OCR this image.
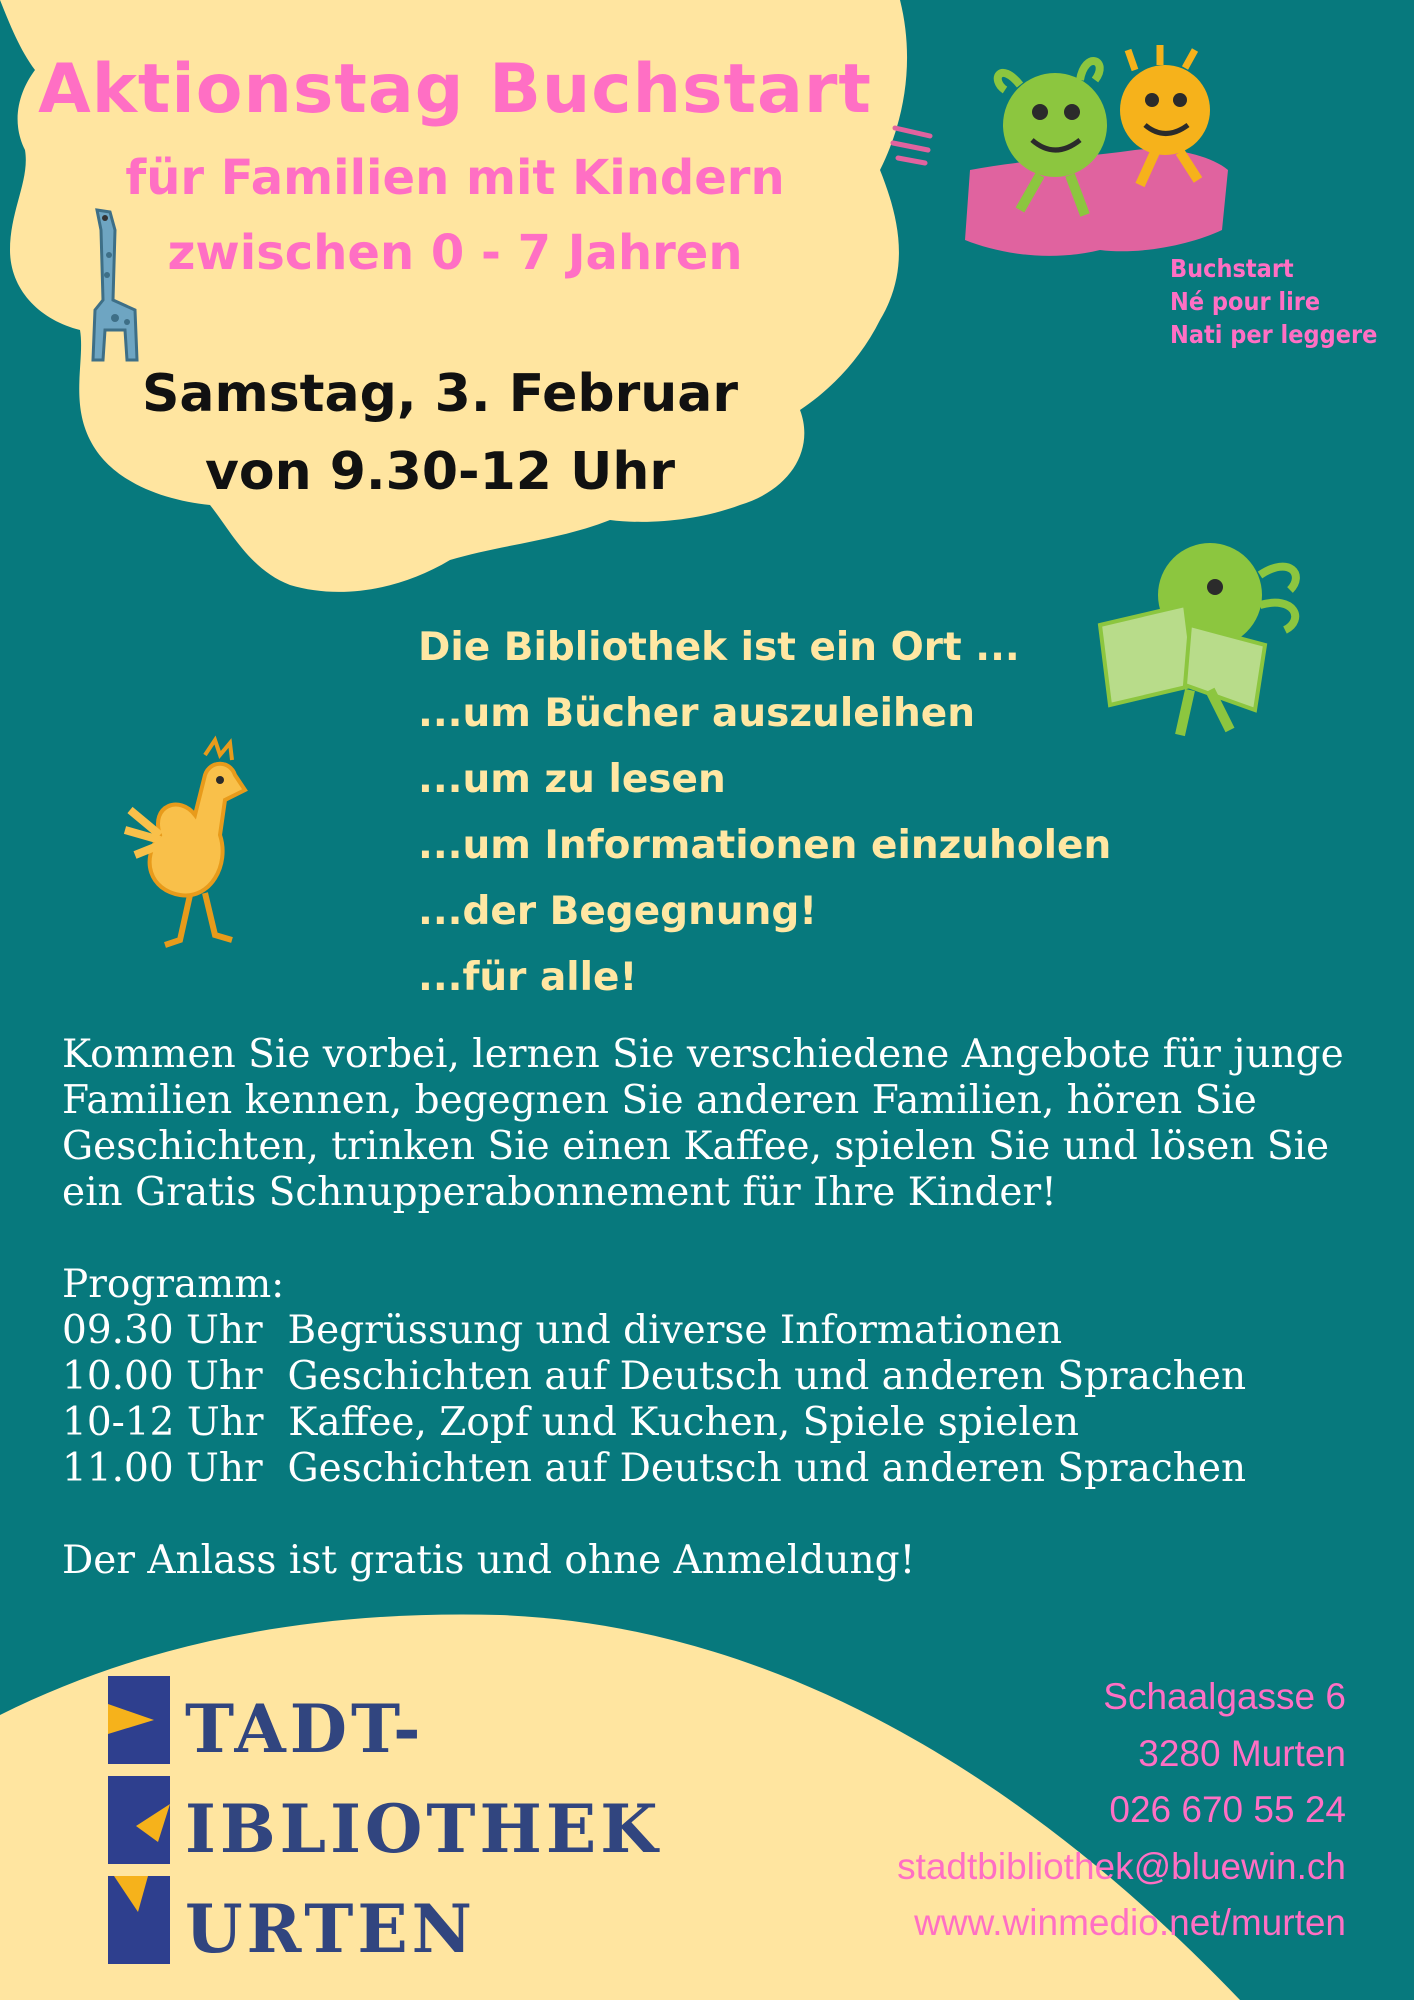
Buchstart
Né pour lire
Nati per leggere
Aktionstag Buchstart
für Familien mit Kindern
zwischen 0 - 7 Jahren
Samstag, 3. Februar
von 9.30-12 Uhr
Die Bibliothek ist ein Ort ...
...um Bücher auszuleihen
...um zu lesen
...um Informationen einzuholen
...der Begegnung!
...für alle!
Kommen Sie vorbei, lernen Sie verschiedene Angebote für junge Familien kennen, begegnen Sie anderen Familien, hören Sie Geschichten, trinken Sie einen Kaffee, spielen Sie und lösen Sie ein Gratis Schnupperabonnement für Ihre Kinder!
Programm:
09.30 Uhr  Begrüssung und diverse Informationen
10.00 Uhr  Geschichten auf Deutsch und anderen Sprachen
10-12 Uhr  Kaffee, Zopf und Kuchen, Spiele spielen
11.00 Uhr  Geschichten auf Deutsch und anderen Sprachen
Der Anlass ist gratis und ohne Anmeldung!
TADT-
IBLIOTHEK
URTEN
Schaalgasse 6
3280 Murten
026 670 55 24
stadtbibliothek@bluewin.ch
www.winmedio.net/murten
